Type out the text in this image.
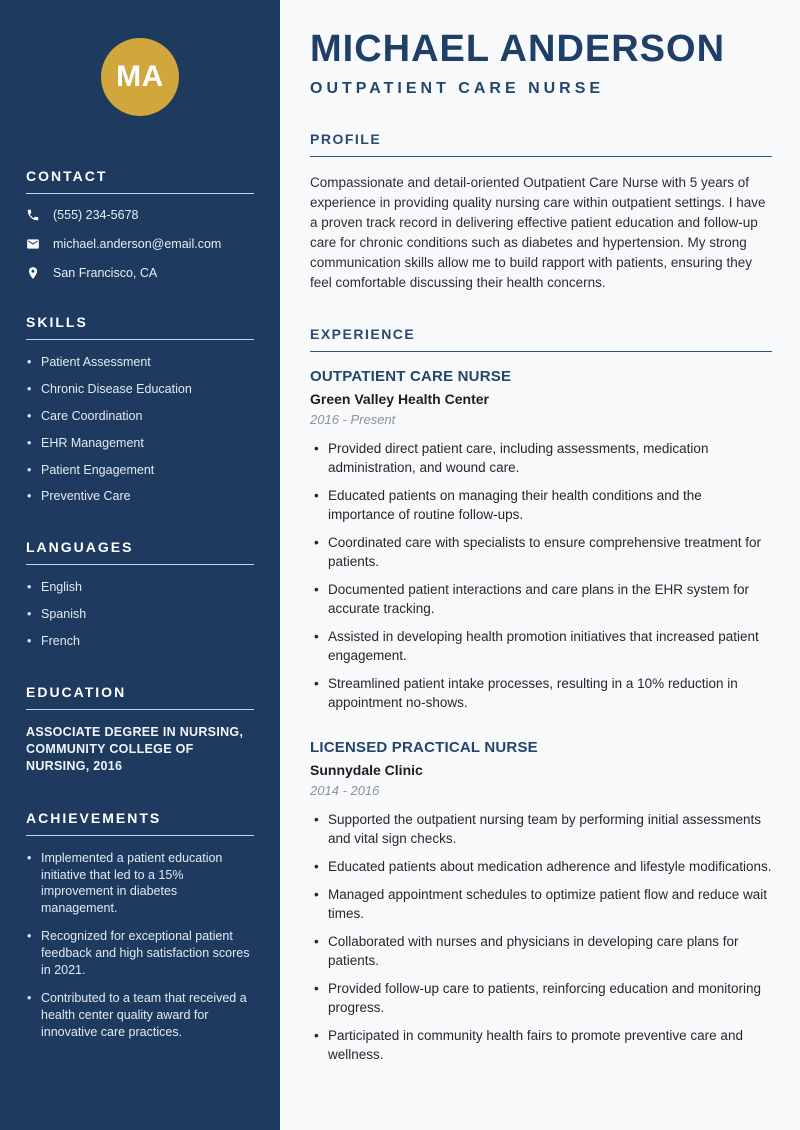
MA
CONTACT
(555) 234-5678
michael.anderson@email.com
San Francisco, CA
SKILLS
• Patient Assessment
• Chronic Disease Education
• Care Coordination
• EHR Management
• Patient Engagement
• Preventive Care
LANGUAGES
• English
• Spanish
• French
EDUCATION

ASSOCIATE DEGREE IN NURSING, COMMUNITY COLLEGE OF NURSING, 2016

ACHIEVEMENTS
• Implemented a patient education initiative that led to a 15% improvement in diabetes management.
• Recognized for exceptional patient feedback and high satisfaction scores in 2021.
• Contributed to a team that received a health center quality award for innovative care practices.
MICHAEL ANDERSON
OUTPATIENT CARE NURSE
PROFILE

Compassionate and detail-oriented Outpatient Care Nurse with 5 years of experience in providing quality nursing care within outpatient settings. I have a proven track record in delivering effective patient education and follow-up care for chronic conditions such as diabetes and hypertension. My strong communication skills allow me to build rapport with patients, ensuring they feel comfortable discussing their health concerns.

EXPERIENCE
OUTPATIENT CARE NURSE
Green Valley Health Center
2016 - Present
• Provided direct patient care, including assessments, medication administration, and wound care.
• Educated patients on managing their health conditions and the importance of routine follow-ups.
• Coordinated care with specialists to ensure comprehensive treatment for patients.
• Documented patient interactions and care plans in the EHR system for accurate tracking.
• Assisted in developing health promotion initiatives that increased patient engagement.
• Streamlined patient intake processes, resulting in a 10% reduction in appointment no-shows.
LICENSED PRACTICAL NURSE
Sunnydale Clinic
2014 - 2016
• Supported the outpatient nursing team by performing initial assessments and vital sign checks.
• Educated patients about medication adherence and lifestyle modifications.
• Managed appointment schedules to optimize patient flow and reduce wait times.
• Collaborated with nurses and physicians in developing care plans for patients.
• Provided follow-up care to patients, reinforcing education and monitoring progress.
• Participated in community health fairs to promote preventive care and wellness.
